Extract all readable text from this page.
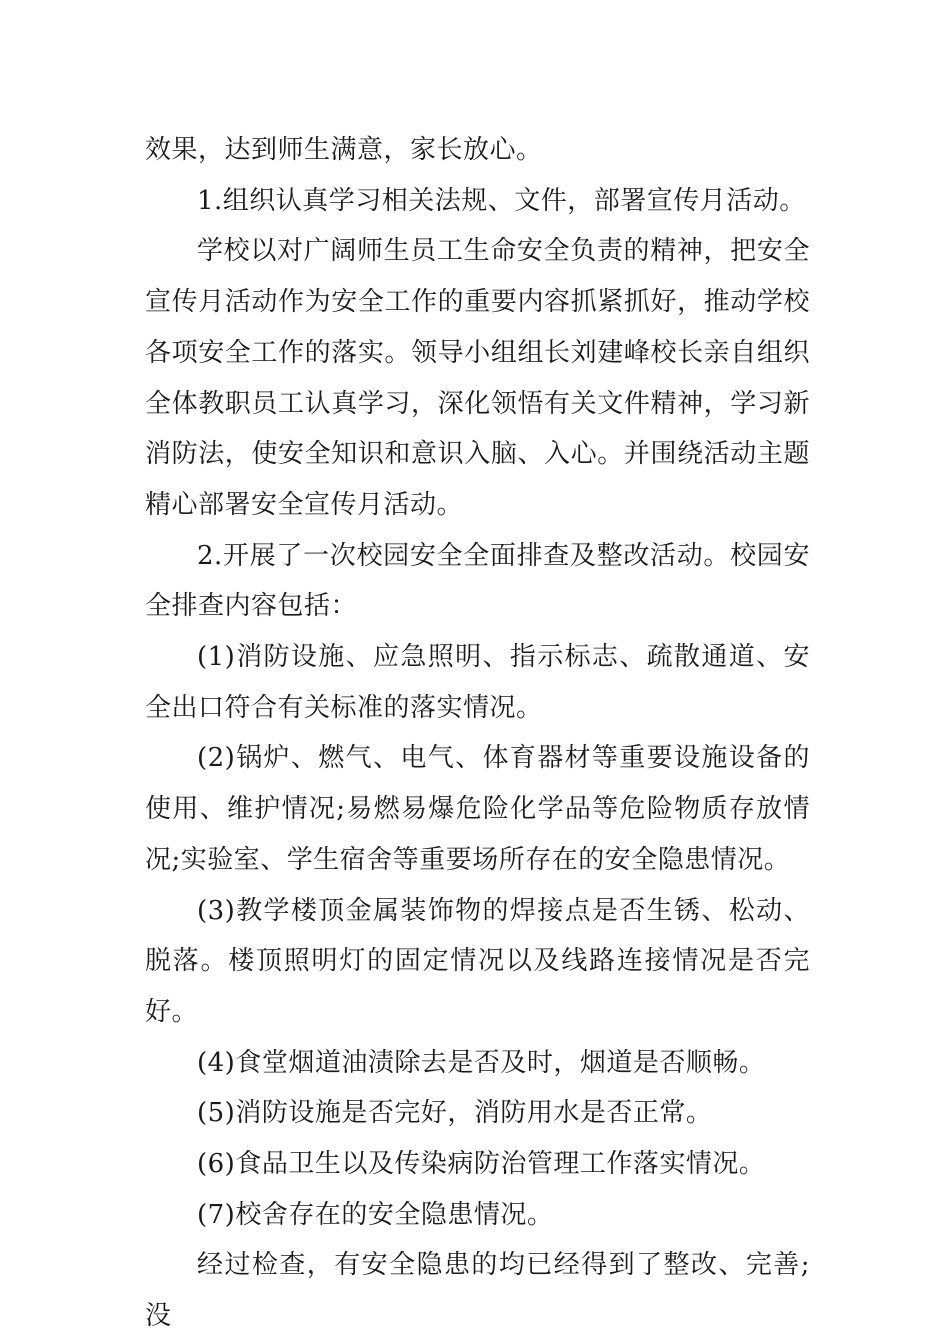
效果，达到师生满意，家长放心。

1.组织认真学习相关法规、文件，部署宣传月活动。

学校以对广阔师生员工生命安全负责的精神，把安全宣传月活动作为安全工作的重要内容抓紧抓好，推动学校各项安全工作的落实。领导小组组长刘建峰校长亲自组织全体教职员工认真学习，深化领悟有关文件精神，学习新消防法，使安全知识和意识入脑、入心。并围绕活动主题精心部署安全宣传月活动。

2.开展了一次校园安全全面排查及整改活动。校园安全排查内容包括：

(1)消防设施、应急照明、指示标志、疏散通道、安全出口符合有关标准的落实情况。

(2)锅炉、燃气、电气、体育器材等重要设施设备的使用、维护情况;易燃易爆危险化学品等危险物质存放情况;实验室、学生宿舍等重要场所存在的安全隐患情况。

(3)教学楼顶金属装饰物的焊接点是否生锈、松动、脱落。楼顶照明灯的固定情况以及线路连接情况是否完好。

(4)食堂烟道油渍除去是否及时，烟道是否顺畅。

(5)消防设施是否完好，消防用水是否正常。

(6)食品卫生以及传染病防治管理工作落实情况。

(7)校舍存在的安全隐患情况。

经过检查，有安全隐患的均已经得到了整改、完善;没
